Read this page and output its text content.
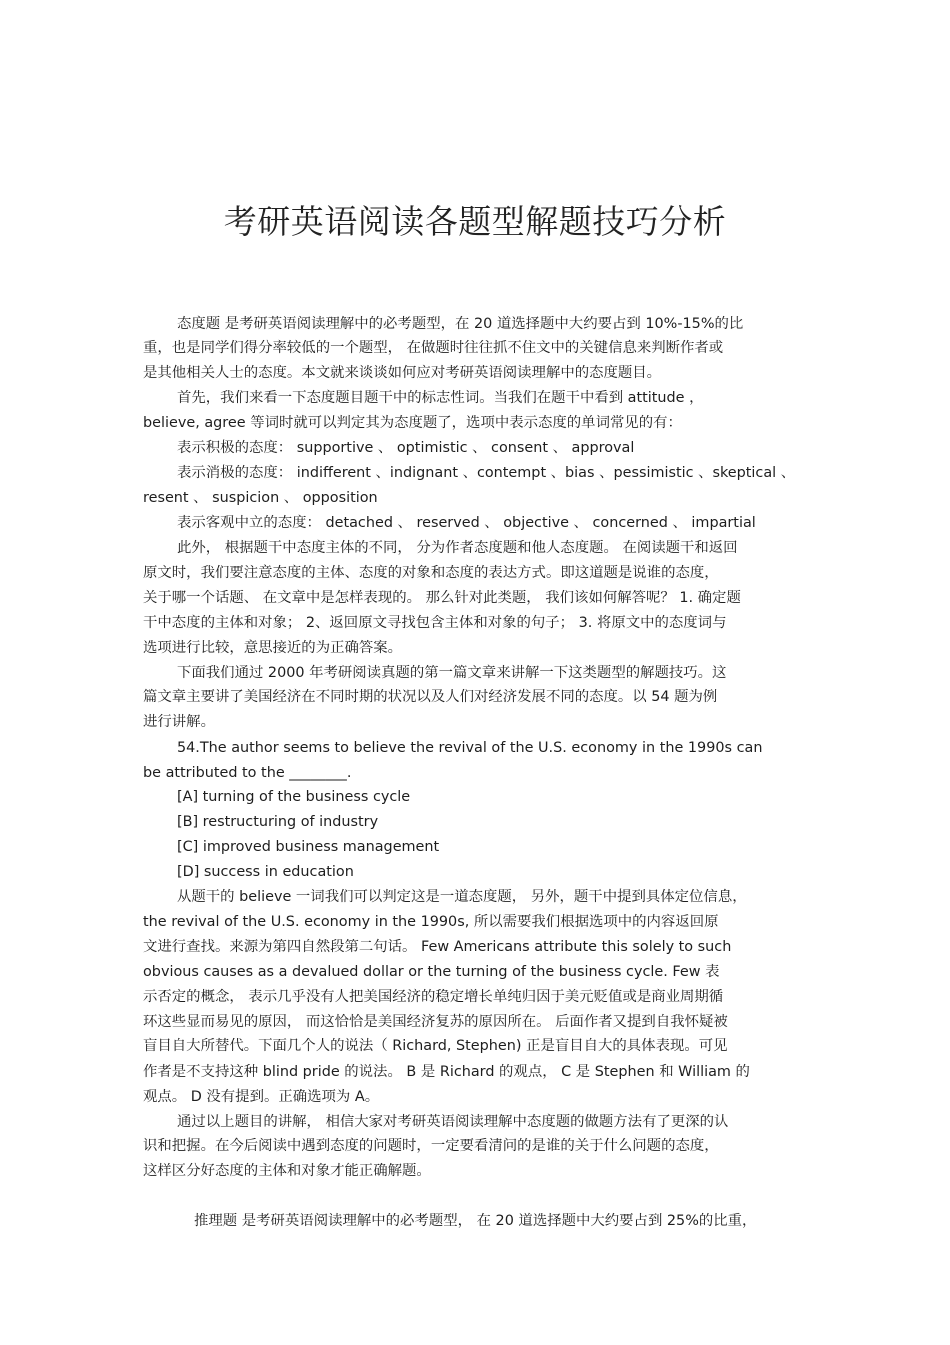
考研英语阅读各题型解题技巧分析
态度题 是考研英语阅读理解中的必考题型，在 20 道选择题中大约要占到 10%-15%的比
重，也是同学们得分率较低的一个题型， 在做题时往往抓不住文中的关键信息来判断作者或
是其他相关人士的态度。本文就来谈谈如何应对考研英语阅读理解中的态度题目。
首先，我们来看一下态度题目题干中的标志性词。当我们在题干中看到 attitude ，
believe, agree 等词时就可以判定其为态度题了，选项中表示态度的单词常见的有：
表示积极的态度： supportive 、 optimistic 、 consent 、 approval
表示消极的态度： indifferent 、indignant 、contempt 、bias 、pessimistic 、skeptical 、
resent 、 suspicion 、 opposition
表示客观中立的态度： detached 、 reserved 、 objective 、 concerned 、 impartial
此外， 根据题干中态度主体的不同， 分为作者态度题和他人态度题。 在阅读题干和返回
原文时，我们要注意态度的主体、态度的对象和态度的表达方式。即这道题是说谁的态度，
关于哪一个话题、 在文章中是怎样表现的。 那么针对此类题， 我们该如何解答呢？ 1. 确定题
干中态度的主体和对象； 2、返回原文寻找包含主体和对象的句子； 3. 将原文中的态度词与
选项进行比较，意思接近的为正确答案。
下面我们通过 2000 年考研阅读真题的第一篇文章来讲解一下这类题型的解题技巧。这
篇文章主要讲了美国经济在不同时期的状况以及人们对经济发展不同的态度。以 54 题为例
进行讲解。
54.The author seems to believe the revival of the U.S. economy in the 1990s can
be attributed to the ________.
[A] turning of the business cycle
[B] restructuring of industry
[C] improved business management
[D] success in education
从题干的 believe 一词我们可以判定这是一道态度题， 另外，题干中提到具体定位信息，
the revival of the U.S. economy in the 1990s, 所以需要我们根据选项中的内容返回原
文进行查找。来源为第四自然段第二句话。 Few Americans attribute this solely to such
obvious causes as a devalued dollar or the turning of the business cycle. Few 表
示否定的概念， 表示几乎没有人把美国经济的稳定增长单纯归因于美元贬值或是商业周期循
环这些显而易见的原因， 而这恰恰是美国经济复苏的原因所在。 后面作者又提到自我怀疑被
盲目自大所替代。下面几个人的说法（ Richard, Stephen) 正是盲目自大的具体表现。可见
作者是不支持这种 blind pride 的说法。 B 是 Richard 的观点， C 是 Stephen 和 William 的
观点。 D 没有提到。正确选项为 A。
通过以上题目的讲解， 相信大家对考研英语阅读理解中态度题的做题方法有了更深的认
识和把握。在今后阅读中遇到态度的问题时，一定要看清问的是谁的关于什么问题的态度，
这样区分好态度的主体和对象才能正确解题。
推理题 是考研英语阅读理解中的必考题型， 在 20 道选择题中大约要占到 25%的比重，
